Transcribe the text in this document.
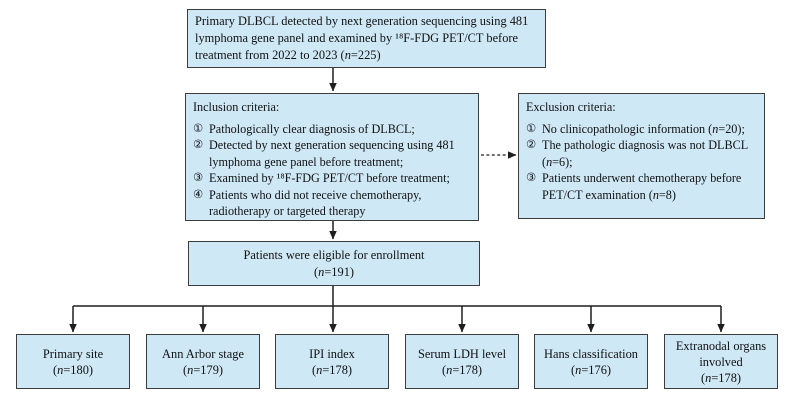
Primary DLBCL detected by next generation sequencing using 481 lymphoma gene panel and examined by ¹⁸F-FDG PET/CT before treatment from 2022 to 2023 (n=225)
Inclusion criteria:
① Pathologically clear diagnosis of DLBCL;
② Detected by next generation sequencing using 481 lymphoma gene panel before treatment;
③ Examined by ¹⁸F-FDG PET/CT before treatment;
④ Patients who did not receive chemotherapy, radiotherapy or targeted therapy
Exclusion criteria:
① No clinicopathologic information (n=20);
② The pathologic diagnosis was not DLBCL (n=6);
③ Patients underwent chemotherapy before PET/CT examination (n=8)
Patients were eligible for enrollment
(n=191)
Primary site
(n=180)
Ann Arbor stage
(n=179)
IPI index
(n=178)
Serum LDH level
(n=178)
Hans classification
(n=176)
Extranodal organs involved
(n=178)
